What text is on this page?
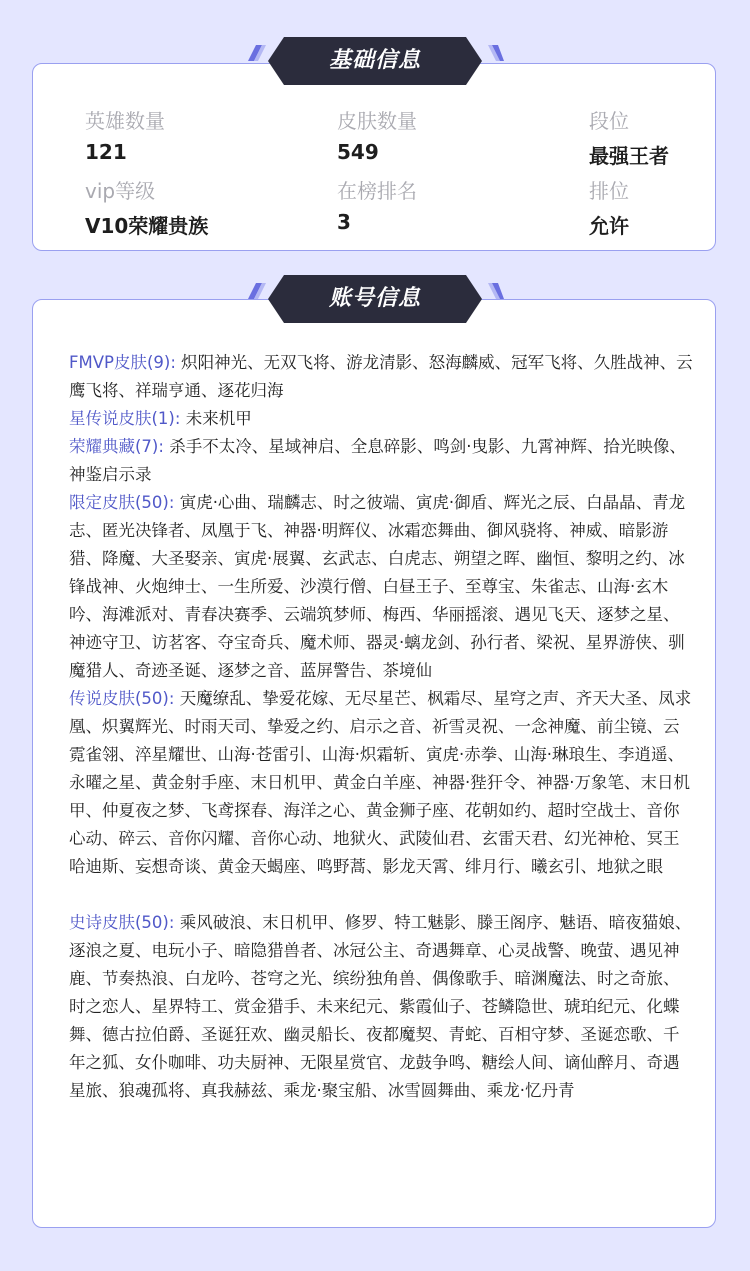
英雄数量
121
皮肤数量
549
段位
最强王者
vip等级
V10荣耀贵族
在榜排名
3
排位
允许
基础信息

FMVP皮肤(9): 炽阳神光、无双飞将、游龙清影、怒海麟威、冠军飞将、久胜战神、云鹰飞将、祥瑞亨通、逐花归海

星传说皮肤(1): 未来机甲

荣耀典藏(7): 杀手不太冷、星域神启、全息碎影、鸣剑·曳影、九霄神辉、拾光映像、神鉴启示录

限定皮肤(50): 寅虎·心曲、瑞麟志、时之彼端、寅虎·御盾、辉光之辰、白晶晶、青龙志、匿光决锋者、凤凰于飞、神器·明辉仪、冰霜恋舞曲、御风骁将、神威、暗影游猎、降魔、大圣娶亲、寅虎·展翼、玄武志、白虎志、朔望之晖、幽恒、黎明之约、冰锋战神、火炮绅士、一生所爱、沙漠行僧、白昼王子、至尊宝、朱雀志、山海·玄木吟、海滩派对、青春决赛季、云端筑梦师、梅西、华丽摇滚、遇见飞天、逐梦之星、神迹守卫、访茗客、夺宝奇兵、魔术师、器灵·螭龙剑、孙行者、梁祝、星界游侠、驯魔猎人、奇迹圣诞、逐梦之音、蓝屏警告、茶境仙

传说皮肤(50): 天魔缭乱、挚爱花嫁、无尽星芒、枫霜尽、星穹之声、齐天大圣、凤求凰、炽翼辉光、时雨天司、挚爱之约、启示之音、祈雪灵祝、一念神魔、前尘镜、云霓雀翎、淬星耀世、山海·苍雷引、山海·炽霜斩、寅虎·赤拳、山海·琳琅生、李逍遥、永曜之星、黄金射手座、末日机甲、黄金白羊座、神器·狴犴令、神器·万象笔、末日机甲、仲夏夜之梦、飞鸢探春、海洋之心、黄金狮子座、花朝如约、超时空战士、音你心动、碎云、音你闪耀、音你心动、地狱火、武陵仙君、玄雷天君、幻光神枪、冥王哈迪斯、妄想奇谈、黄金天蝎座、鸣野蒿、影龙天霄、绯月行、曦玄引、地狱之眼

史诗皮肤(50): 乘风破浪、末日机甲、修罗、特工魅影、滕王阁序、魅语、暗夜猫娘、逐浪之夏、电玩小子、暗隐猎兽者、冰冠公主、奇遇舞章、心灵战警、晚萤、遇见神鹿、节奏热浪、白龙吟、苍穹之光、缤纷独角兽、偶像歌手、暗渊魔法、时之奇旅、时之恋人、星界特工、赏金猎手、未来纪元、紫霞仙子、苍鳞隐世、琥珀纪元、化蝶舞、德古拉伯爵、圣诞狂欢、幽灵船长、夜都魔契、青蛇、百相守梦、圣诞恋歌、千年之狐、女仆咖啡、功夫厨神、无限星赏官、龙鼓争鸣、糖绘人间、谪仙醉月、奇遇星旅、狼魂孤将、真我赫兹、乘龙·聚宝船、冰雪圆舞曲、乘龙·忆丹青

账号信息
